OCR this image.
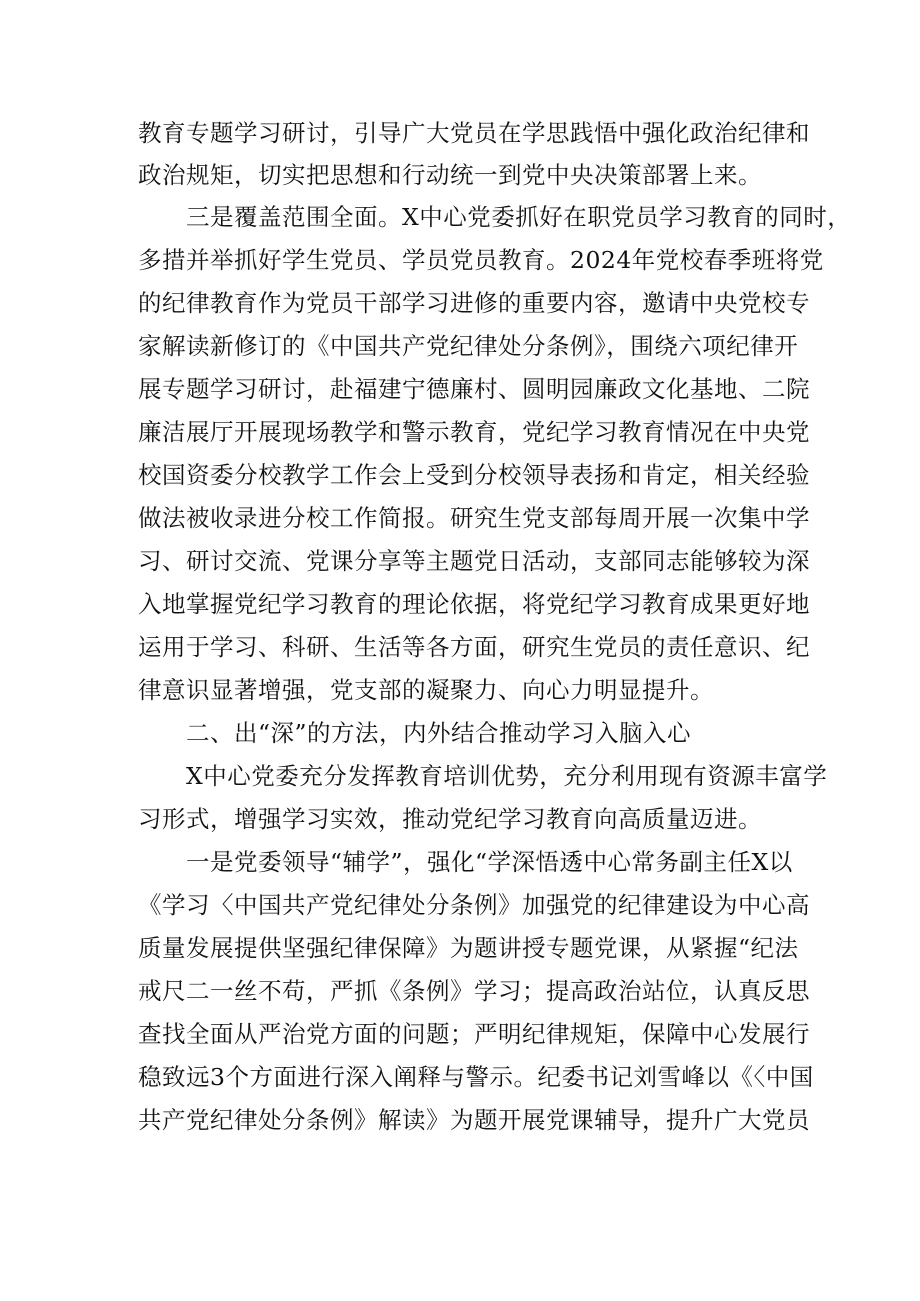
教育专题学习研讨，引导广大党员在学思践悟中强化政治纪律和
政治规矩，切实把思想和行动统一到党中央决策部署上来。
三是覆盖范围全面。X中心党委抓好在职党员学习教育的同时，
多措并举抓好学生党员、学员党员教育。2024年党校春季班将党
的纪律教育作为党员干部学习进修的重要内容，邀请中央党校专
家解读新修订的《中国共产党纪律处分条例》，围绕六项纪律开
展专题学习研讨，赴福建宁德廉村、圆明园廉政文化基地、二院
廉洁展厅开展现场教学和警示教育，党纪学习教育情况在中央党
校国资委分校教学工作会上受到分校领导表扬和肯定，相关经验
做法被收录进分校工作简报。研究生党支部每周开展一次集中学
习、研讨交流、党课分享等主题党日活动，支部同志能够较为深
入地掌握党纪学习教育的理论依据，将党纪学习教育成果更好地
运用于学习、科研、生活等各方面，研究生党员的责任意识、纪
律意识显著增强，党支部的凝聚力、向心力明显提升。
二、出“深”的方法，内外结合推动学习入脑入心
X中心党委充分发挥教育培训优势，充分利用现有资源丰富学
习形式，增强学习实效，推动党纪学习教育向高质量迈进。
一是党委领导“辅学”，强化“学深悟透中心常务副主任X以
《学习〈中国共产党纪律处分条例》加强党的纪律建设为中心高
质量发展提供坚强纪律保障》为题讲授专题党课，从紧握“纪法
戒尺二一丝不苟，严抓《条例》学习；提高政治站位，认真反思
查找全面从严治党方面的问题；严明纪律规矩，保障中心发展行
稳致远3个方面进行深入阐释与警示。纪委书记刘雪峰以《〈中国
共产党纪律处分条例》解读》为题开展党课辅导，提升广大党员
